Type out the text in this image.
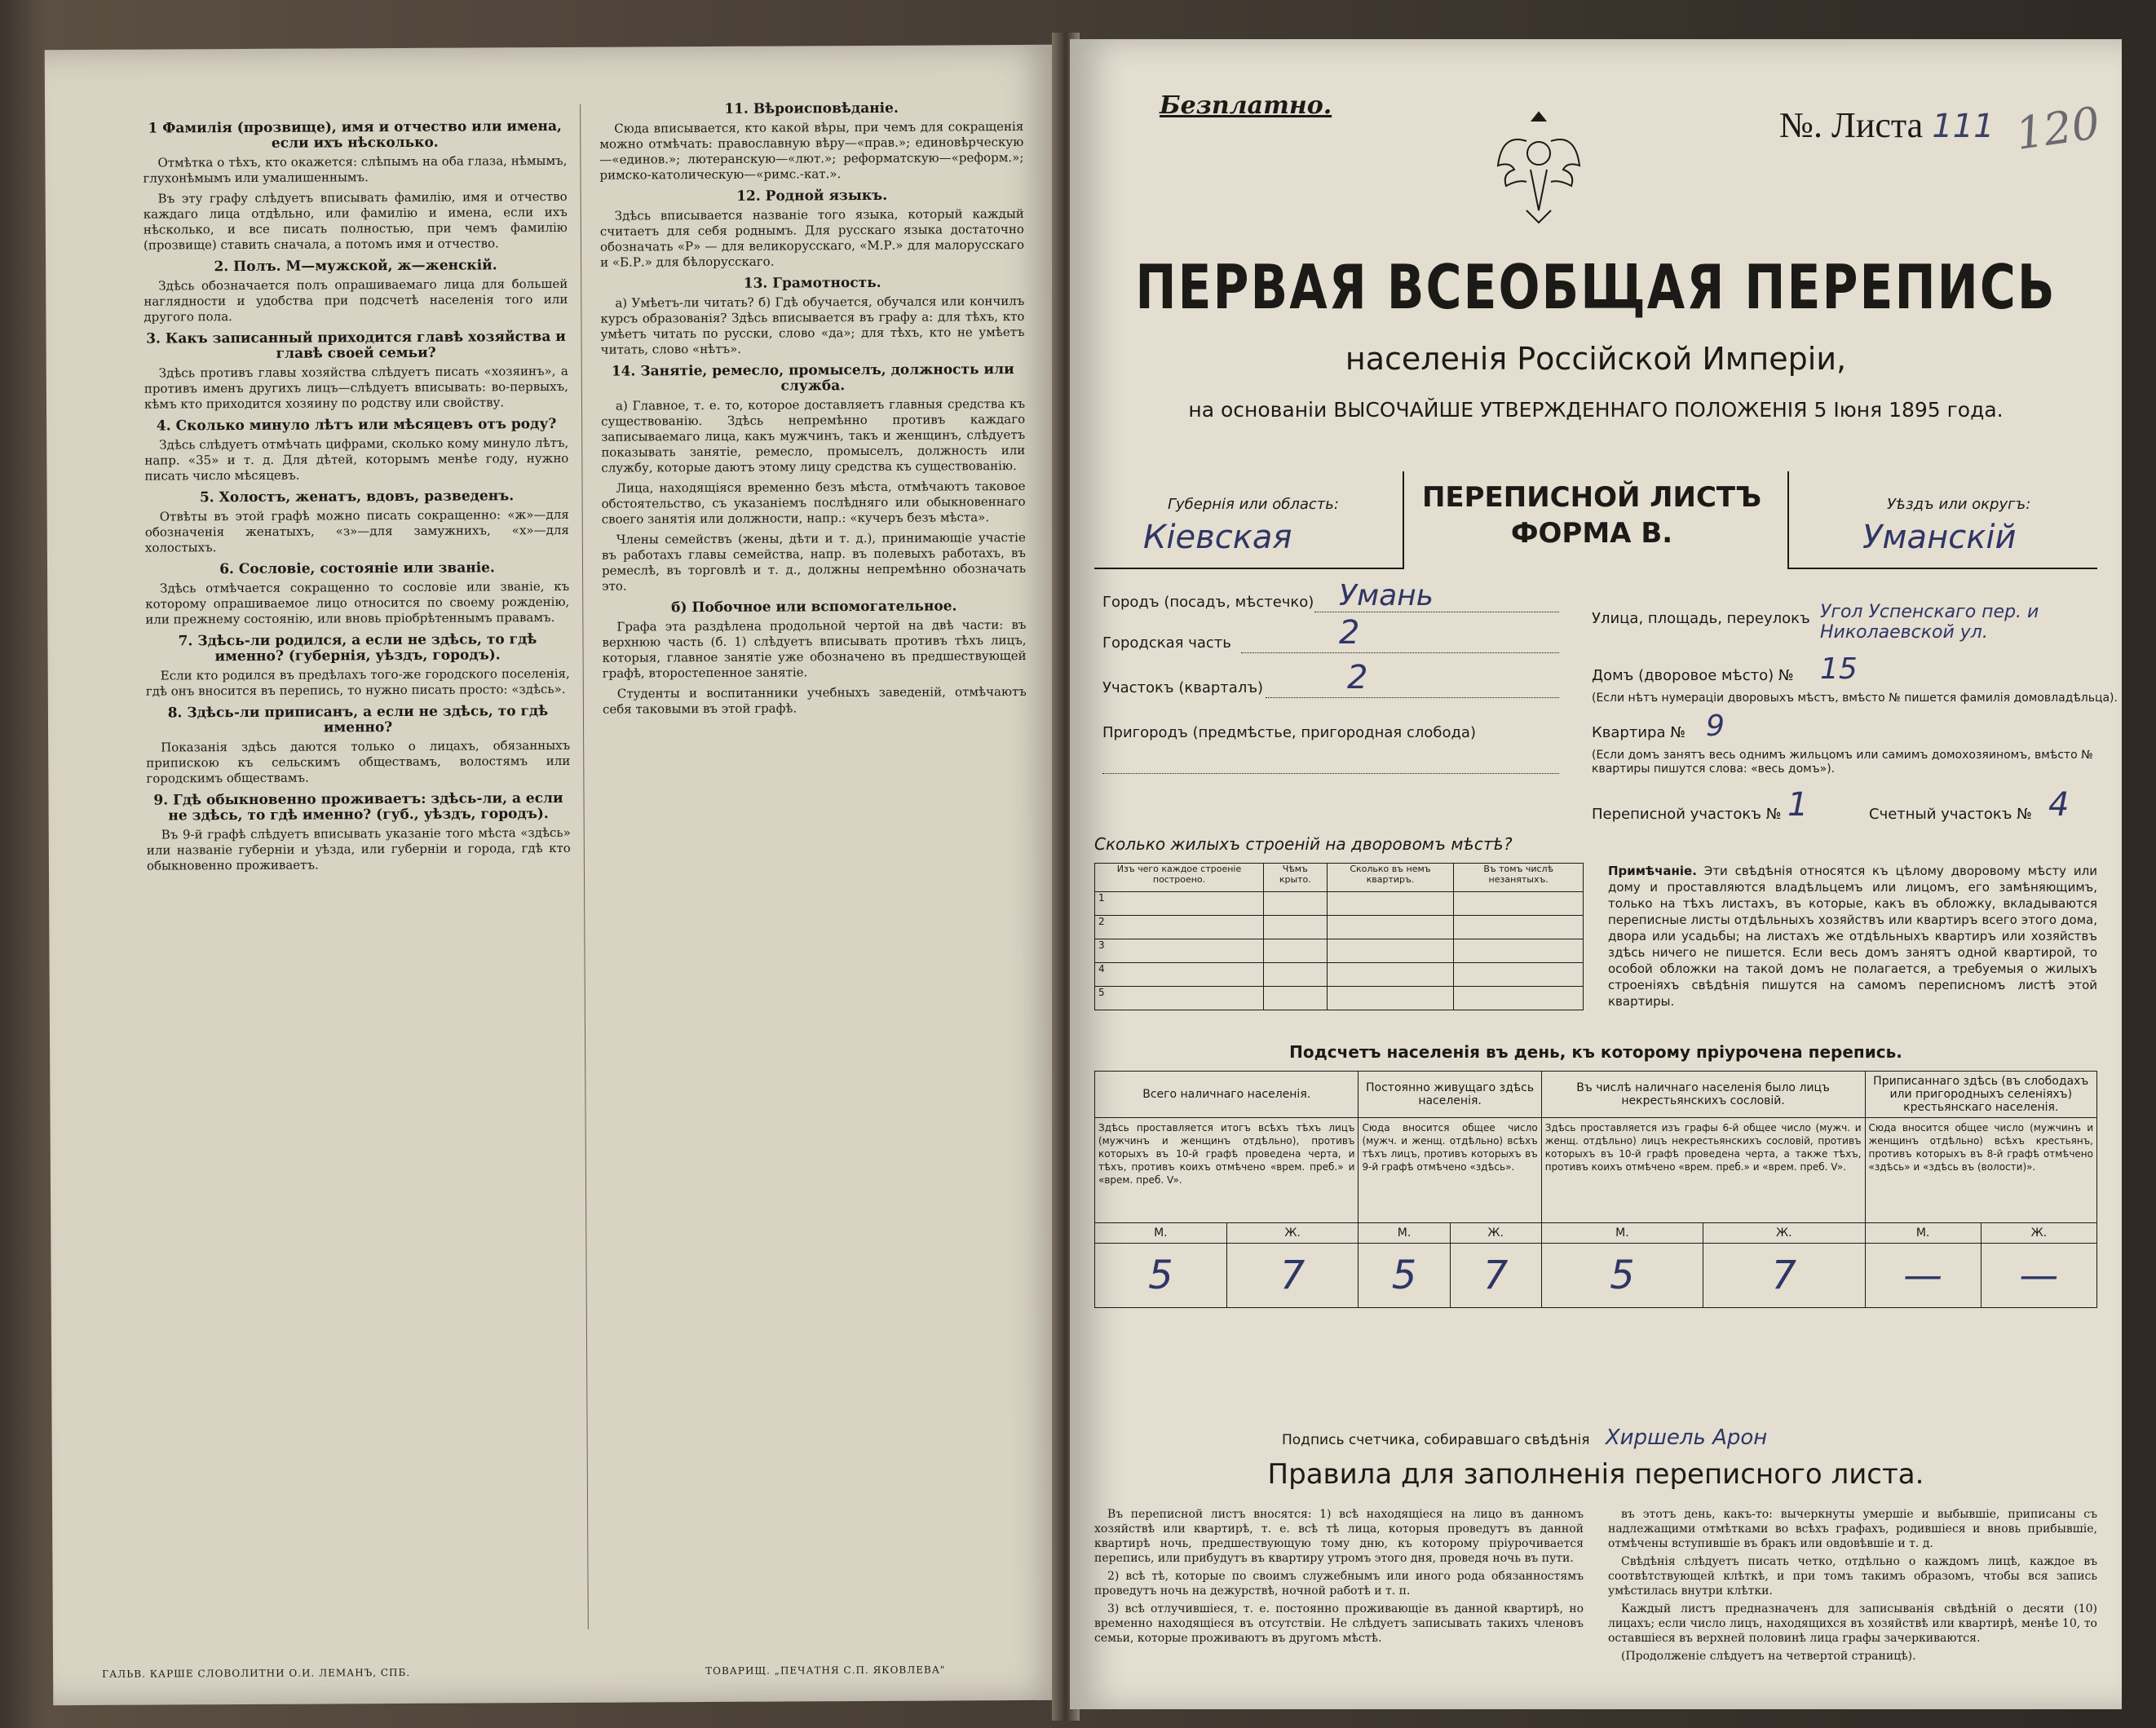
1 Фамилія (прозвище), имя и отчество или имена, если ихъ нѣсколько.

Отмѣтка о тѣхъ, кто окажется: слѣпымъ на оба глаза, нѣмымъ, глухонѣмымъ или умалишеннымъ.

Въ эту графу слѣдуетъ вписывать фамилію, имя и отчество каждаго лица отдѣльно, или фамилію и имена, если ихъ нѣсколько, и все писать полностью, при чемъ фамилію (прозвище) ставить сначала, а потомъ имя и отчество.

2. Полъ. М—мужской, ж—женскій.

Здѣсь обозначается полъ опрашиваемаго лица для большей наглядности и удобства при подсчетѣ населенія того или другого пола.

3. Какъ записанный приходится главѣ хозяйства и главѣ своей семьи?

Здѣсь противъ главы хозяйства слѣдуетъ писать «хозяинъ», а противъ именъ другихъ лицъ—слѣдуетъ вписывать: во-первыхъ, кѣмъ кто приходится хозяину по родству или свойству.

4. Сколько минуло лѣтъ или мѣсяцевъ отъ роду?

Здѣсь слѣдуетъ отмѣчать цифрами, сколько кому минуло лѣтъ, напр. «35» и т. д. Для дѣтей, которымъ менѣе году, нужно писать число мѣсяцевъ.

5. Холостъ, женатъ, вдовъ, разведенъ.

Отвѣты въ этой графѣ можно писать сокращенно: «ж»—для обозначенія женатыхъ, «з»—для замужнихъ, «х»—для холостыхъ.

6. Сословіе, состояніе или званіе.

Здѣсь отмѣчается сокращенно то сословіе или званіе, къ которому опрашиваемое лицо относится по своему рожденію, или прежнему состоянію, или вновь пріобрѣтеннымъ правамъ.

7. Здѣсь-ли родился, а если не здѣсь, то гдѣ именно? (губернія, уѣздъ, городъ).

Если кто родился въ предѣлахъ того-же городского поселенія, гдѣ онъ вносится въ перепись, то нужно писать просто: «здѣсь».

8. Здѣсь-ли приписанъ, а если не здѣсь, то гдѣ именно?

Показанія здѣсь даются только о лицахъ, обязанныхъ припискою къ сельскимъ обществамъ, волостямъ или городскимъ обществамъ.

9. Гдѣ обыкновенно проживаетъ: здѣсь-ли, а если не здѣсь, то гдѣ именно? (губ., уѣздъ, городъ).

Въ 9-й графѣ слѣдуетъ вписывать указаніе того мѣста «здѣсь» или названіе губерніи и уѣзда, или губерніи и города, гдѣ кто обыкновенно проживаетъ.

11. Вѣроисповѣданіе.

Сюда вписывается, кто какой вѣры, при чемъ для сокращенія можно отмѣчать: православную вѣру—«прав.»; единовѣрческую—«единов.»; лютеранскую—«лют.»; реформатскую—«реформ.»; римско-католическую—«римс.-кат.».

12. Родной языкъ.

Здѣсь вписывается названіе того языка, который каждый считаетъ для себя роднымъ. Для русскаго языка достаточно обозначать «Р» — для великорусскаго, «М.Р.» для малорусскаго и «Б.Р.» для бѣлорусскаго.

13. Грамотность.

а) Умѣетъ-ли читать? б) Гдѣ обучается, обучался или кончилъ курсъ образованія? Здѣсь вписывается въ графу а: для тѣхъ, кто умѣетъ читать по русски, слово «да»; для тѣхъ, кто не умѣетъ читать, слово «нѣтъ».

14. Занятіе, ремесло, промыселъ, должность или служба.

а) Главное, т. е. то, которое доставляетъ главныя средства къ существованію. Здѣсь непремѣнно противъ каждаго записываемаго лица, какъ мужчинъ, такъ и женщинъ, слѣдуетъ показывать занятіе, ремесло, промыселъ, должность или службу, которые даютъ этому лицу средства къ существованію.

Лица, находящіяся временно безъ мѣста, отмѣчаютъ таковое обстоятельство, съ указаніемъ послѣдняго или обыкновеннаго своего занятія или должности, напр.: «кучеръ безъ мѣста».

Члены семействъ (жены, дѣти и т. д.), принимающіе участіе въ работахъ главы семейства, напр. въ полевыхъ работахъ, въ ремеслѣ, въ торговлѣ и т. д., должны непремѣнно обозначать это.

б) Побочное или вспомогательное.

Графа эта раздѣлена продольной чертой на двѣ части: въ верхнюю часть (б. 1) слѣдуетъ вписывать противъ тѣхъ лицъ, которыя, главное занятіе уже обозначено въ предшествующей графѣ, второстепенное занятіе.

Студенты и воспитанники учебныхъ заведеній, отмѣчаютъ себя таковыми въ этой графѣ.

ГАЛЬВ. КАРШЕ СЛОВОЛИТНИ О.И. ЛЕМАНЪ, СПБ.	ТОВАРИЩ. „ПЕЧАТНЯ С.П. ЯКОВЛЕВА"
Безплатно.	№. Листа 111 120
ПЕРВАЯ ВСЕОБЩАЯ ПЕРЕПИСЬ
населенія Россійской Имперіи,
на основаніи ВЫСОЧАЙШЕ УТВЕРЖДЕННАГО ПОЛОЖЕНІЯ 5 Іюня 1895 года.
Губернія или область:
Кіевская
ПЕРЕПИСНОЙ ЛИСТЪ
ФОРМА В.
Уѣздъ или округъ:
Уманскій
Городъ (посадъ, мѣстечко) Умань
Городская часть	2
Участокъ (кварталъ)	2
Пригородъ (предмѣстье, пригородная слобода)
Улица, площадь, переулокъ Угол Успенскаго пер. и Николаевской ул.
Домъ (дворовое мѣсто) № 15
(Если нѣтъ нумераціи дворовыхъ мѣстъ, вмѣсто № пишется фамилія домовладѣльца).
Квартира № 9
(Если домъ занятъ весь однимъ жильцомъ или самимъ домохозяиномъ, вмѣсто № квартиры пишутся слова: «весь домъ»).
Переписной участокъ № 1	Счетный участокъ № 4
Сколько жилыхъ строеній на дворовомъ мѣстѣ?
Изъ чего каждое строеніе построено.	Чѣмъ крыто.	Сколько въ немъ квартиръ.	Въ томъ числѣ незанятыхъ.
1			
2			
3			
4			
5			
Примѣчаніе. Эти свѣдѣнія относятся къ цѣлому дворовому мѣсту или дому и проставляются владѣльцемъ или лицомъ, его замѣняющимъ, только на тѣхъ листахъ, въ которые, какъ въ обложку, вкладываются переписные листы отдѣльныхъ хозяйствъ или квартиръ всего этого дома, двора или усадьбы; на листахъ же отдѣльныхъ квартиръ или хозяйствъ здѣсь ничего не пишется. Если весь домъ занятъ одной квартирой, то особой обложки на такой домъ не полагается, а требуемыя о жилыхъ строеніяхъ свѣдѣнія пишутся на самомъ переписномъ листѣ этой квартиры.
Подсчетъ населенія въ день, къ которому пріурочена перепись.
Всего наличнаго населенія.		Постоянно живущаго здѣсь населенія.		Въ числѣ наличнаго населенія было лицъ некрестьянскихъ сословій.		Приписаннаго здѣсь (въ слободахъ или пригородныхъ селеніяхъ) крестьянскаго населенія.	
Здѣсь проставляется итогъ всѣхъ тѣхъ лицъ (мужчинъ и женщинъ отдѣльно), противъ которыхъ въ 10-й графѣ проведена черта, и тѣхъ, противъ коихъ отмѣчено «врем. преб.» и «врем. преб. V».		Сюда вносится общее число (мужч. и женщ. отдѣльно) всѣхъ тѣхъ лицъ, противъ которыхъ въ 9-й графѣ отмѣчено «здѣсь».		Здѣсь проставляется изъ графы 6-й общее число (мужч. и женщ. отдѣльно) лицъ некрестьянскихъ сословій, противъ которыхъ въ 10-й графѣ проведена черта, а также тѣхъ, противъ коихъ отмѣчено «врем. преб.» и «врем. преб. V».		Сюда вносится общее число (мужчинъ и женщинъ отдѣльно) всѣхъ крестьянъ, противъ которыхъ въ 8-й графѣ отмѣчено «здѣсь» и «здѣсь въ (волости)».	
М.	Ж.	М.	Ж.	М.	Ж.	М.	Ж.
5	7	5	7	5	7	—	—
Подпись счетчика, собиравшаго свѣдѣнія Хиршель Арон
Правила для заполненія переписного листа.

Въ переписной листъ вносятся: 1) всѣ находящіеся на лицо въ данномъ хозяйствѣ или квартирѣ, т. е. всѣ тѣ лица, которыя проведутъ въ данной квартирѣ ночь, предшествующую тому дню, къ которому пріурочивается перепись, или прибудутъ въ квартиру утромъ этого дня, проведя ночь въ пути.

2) всѣ тѣ, которые по своимъ служебнымъ или иного рода обязанностямъ проведутъ ночь на дежурствѣ, ночной работѣ и т. п.

3) всѣ отлучившіеся, т. е. постоянно проживающіе въ данной квартирѣ, но временно находящіеся въ отсутствіи. Не слѣдуетъ записывать такихъ членовъ семьи, которые проживаютъ въ другомъ мѣстѣ.

въ этотъ день, какъ-то: вычеркнуты умершіе и выбывшіе, приписаны съ надлежащими отмѣтками во всѣхъ графахъ, родившіеся и вновь прибывшіе, отмѣчены вступившіе въ бракъ или овдовѣвшіе и т. д.

Свѣдѣнія слѣдуетъ писать четко, отдѣльно о каждомъ лицѣ, каждое въ соотвѣтствующей клѣткѣ, и при томъ такимъ образомъ, чтобы вся запись умѣстилась внутри клѣтки.

Каждый листъ предназначенъ для записыванія свѣдѣній о десяти (10) лицахъ; если число лицъ, находящихся въ хозяйствѣ или квартирѣ, менѣе 10, то оставшіеся въ верхней половинѣ лица графы зачеркиваются.

(Продолженіе слѣдуетъ на четвертой страницѣ).
